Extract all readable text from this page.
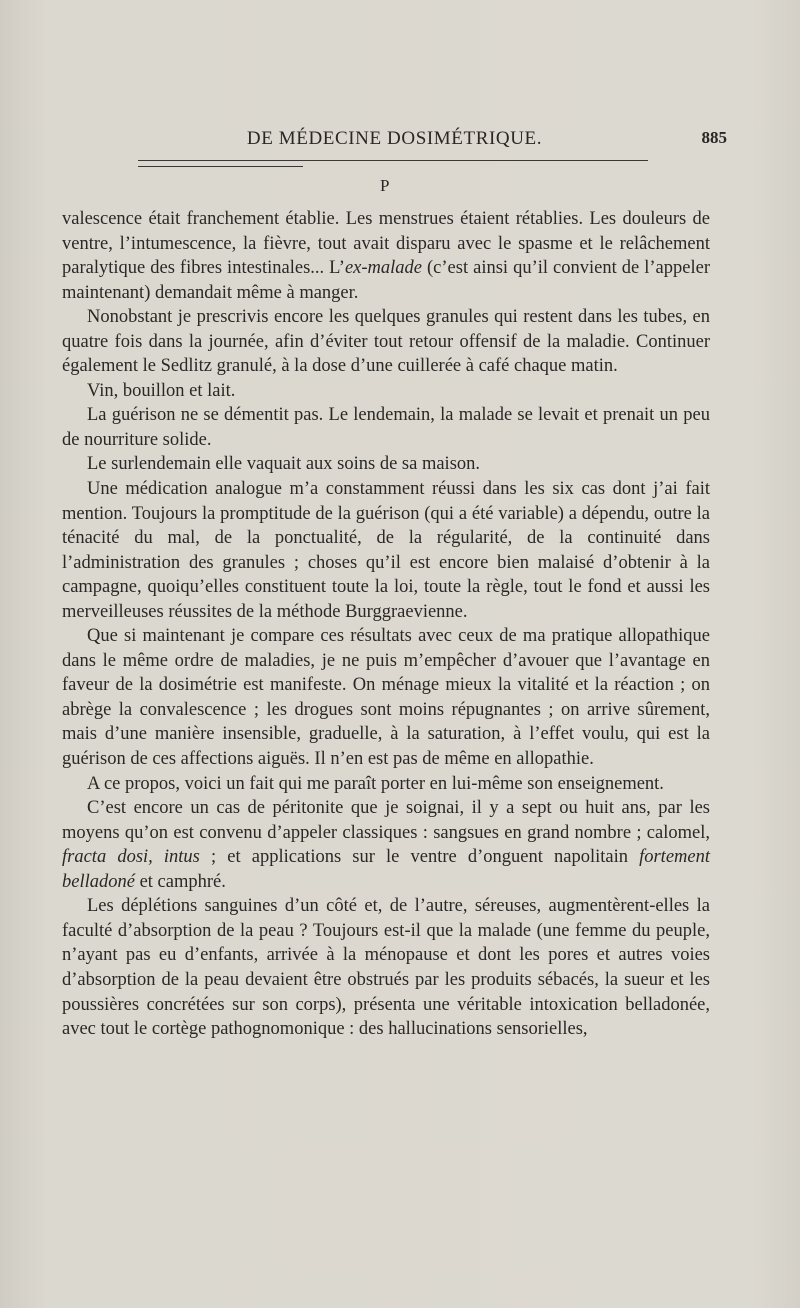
DE MÉDECINE DOSIMÉTRIQUE.	885
P

valescence était franchement établie. Les menstrues étaient rétablies. Les douleurs de ventre, l’intumescence, la fièvre, tout avait disparu avec le spasme et le relâchement paralytique des fibres intestinales... L’ex-malade (c’est ainsi qu’il convient de l’appeler maintenant) demandait même à manger.

Nonobstant je prescrivis encore les quelques granules qui restent dans les tubes, en quatre fois dans la journée, afin d’éviter tout retour offensif de la maladie. Continuer également le Sedlitz granulé, à la dose d’une cuillerée à café chaque matin.

Vin, bouillon et lait.

La guérison ne se démentit pas. Le lendemain, la malade se levait et prenait un peu de nourriture solide.

Le surlendemain elle vaquait aux soins de sa maison.

Une médication analogue m’a constamment réussi dans les six cas dont j’ai fait mention. Toujours la promptitude de la guérison (qui a été variable) a dépendu, outre la ténacité du mal, de la ponctualité, de la régularité, de la continuité dans l’administration des granules ; choses qu’il est encore bien malaisé d’obtenir à la campagne, quoiqu’elles constituent toute la loi, toute la règle, tout le fond et aussi les merveilleuses réussites de la méthode Burggraevienne.

Que si maintenant je compare ces résultats avec ceux de ma pratique allopathique dans le même ordre de maladies, je ne puis m’empêcher d’avouer que l’avantage en faveur de la dosimétrie est manifeste. On ménage mieux la vitalité et la réaction ; on abrège la convalescence ; les drogues sont moins répugnantes ; on arrive sûrement, mais d’une manière insensible, graduelle, à la saturation, à l’effet voulu, qui est la guérison de ces affections aiguës. Il n’en est pas de même en allopathie.

A ce propos, voici un fait qui me paraît porter en lui-même son enseignement.

C’est encore un cas de péritonite que je soignai, il y a sept ou huit ans, par les moyens qu’on est convenu d’appeler classiques : sangsues en grand nombre ; calomel, fracta dosi, intus ; et applications sur le ventre d’onguent napolitain fortement belladoné et camphré.

Les déplétions sanguines d’un côté et, de l’autre, séreuses, augmentèrent-elles la faculté d’absorption de la peau ? Toujours est-il que la malade (une femme du peuple, n’ayant pas eu d’enfants, arrivée à la ménopause et dont les pores et autres voies d’absorption de la peau devaient être obstrués par les produits sébacés, la sueur et les poussières concrétées sur son corps), présenta une véritable intoxication belladonée, avec tout le cortège pathognomonique : des hallucinations sensorielles,
